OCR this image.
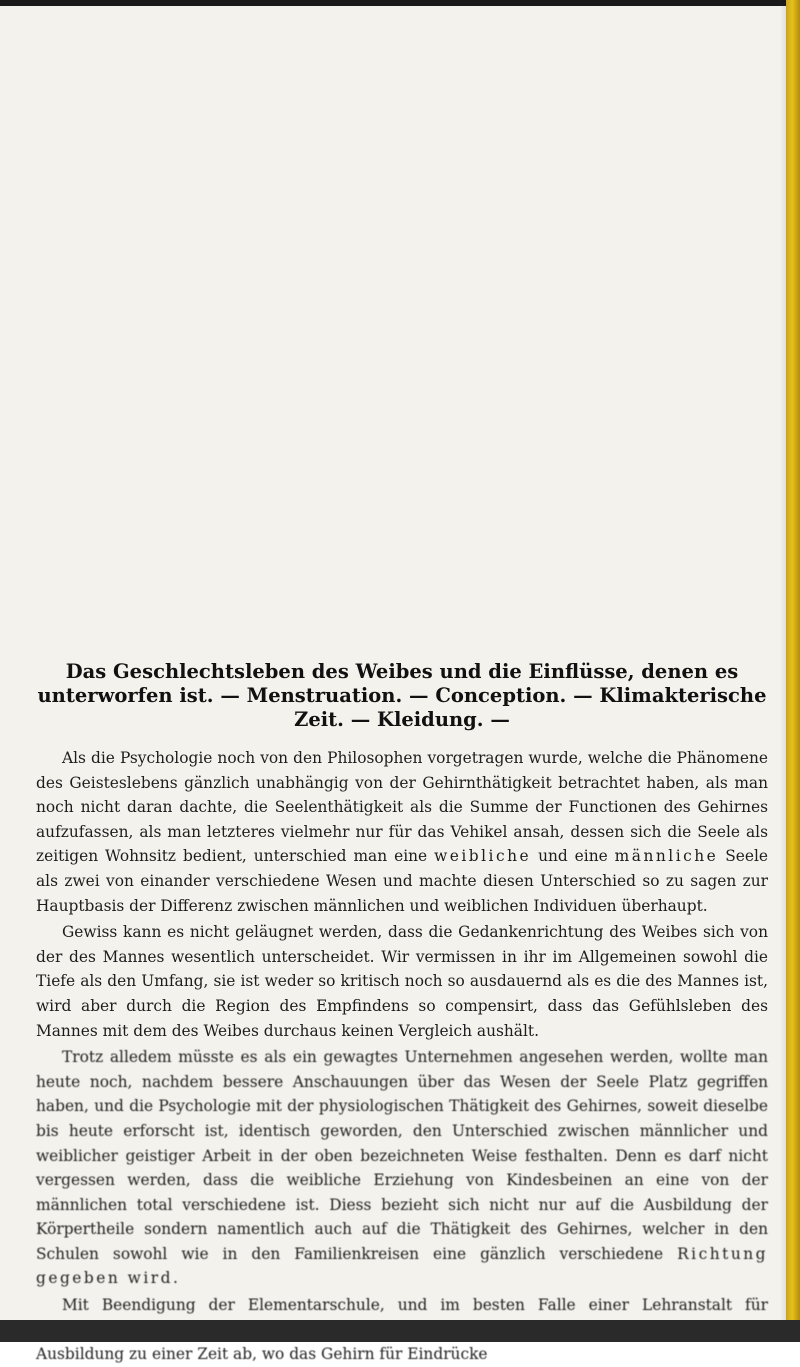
Das Geschlechtsleben des Weibes und die Einflüsse, denen es unterworfen ist. — Menstruation. — Conception. — Klimakterische Zeit. — Kleidung. —

Als die Psychologie noch von den Philosophen vorgetragen wurde, welche die Phänomene des Geisteslebens gänzlich unabhängig von der Gehirnthätigkeit betrachtet haben, als man noch nicht daran dachte, die Seelenthätigkeit als die Summe der Functionen des Gehirnes aufzufassen, als man letzteres vielmehr nur für das Vehikel ansah, dessen sich die Seele als zeitigen Wohnsitz bedient, unterschied man eine weibliche und eine männliche Seele als zwei von einander verschiedene Wesen und machte diesen Unterschied so zu sagen zur Hauptbasis der Differenz zwischen männlichen und weiblichen Individuen überhaupt.

Gewiss kann es nicht geläugnet werden, dass die Gedankenrichtung des Weibes sich von der des Mannes wesentlich unterscheidet. Wir vermissen in ihr im Allgemeinen sowohl die Tiefe als den Umfang, sie ist weder so kritisch noch so ausdauernd als es die des Mannes ist, wird aber durch die Region des Empfindens so compensirt, dass das Gefühlsleben des Mannes mit dem des Weibes durchaus keinen Vergleich aushält.

Trotz alledem müsste es als ein gewagtes Unternehmen angesehen werden, wollte man heute noch, nachdem bessere Anschauungen über das Wesen der Seele Platz gegriffen haben, und die Psychologie mit der physiologischen Thätigkeit des Gehirnes, soweit dieselbe bis heute erforscht ist, identisch geworden, den Unterschied zwischen männlicher und weiblicher geistiger Arbeit in der oben bezeichneten Weise festhalten. Denn es darf nicht vergessen werden, dass die weibliche Erziehung von Kindesbeinen an eine von der männlichen total verschiedene ist. Diess bezieht sich nicht nur auf die Ausbildung der Körpertheile sondern namentlich auch auf die Thätigkeit des Gehirnes, welcher in den Schulen sowohl wie in den Familienkreisen eine gänzlich verschiedene Richtung gegeben wird.

Mit Beendigung der Elementarschule, und im besten Falle einer Lehranstalt für Ausbildung zu einer Zeit ab, wo das Gehirn für Eindrücke
